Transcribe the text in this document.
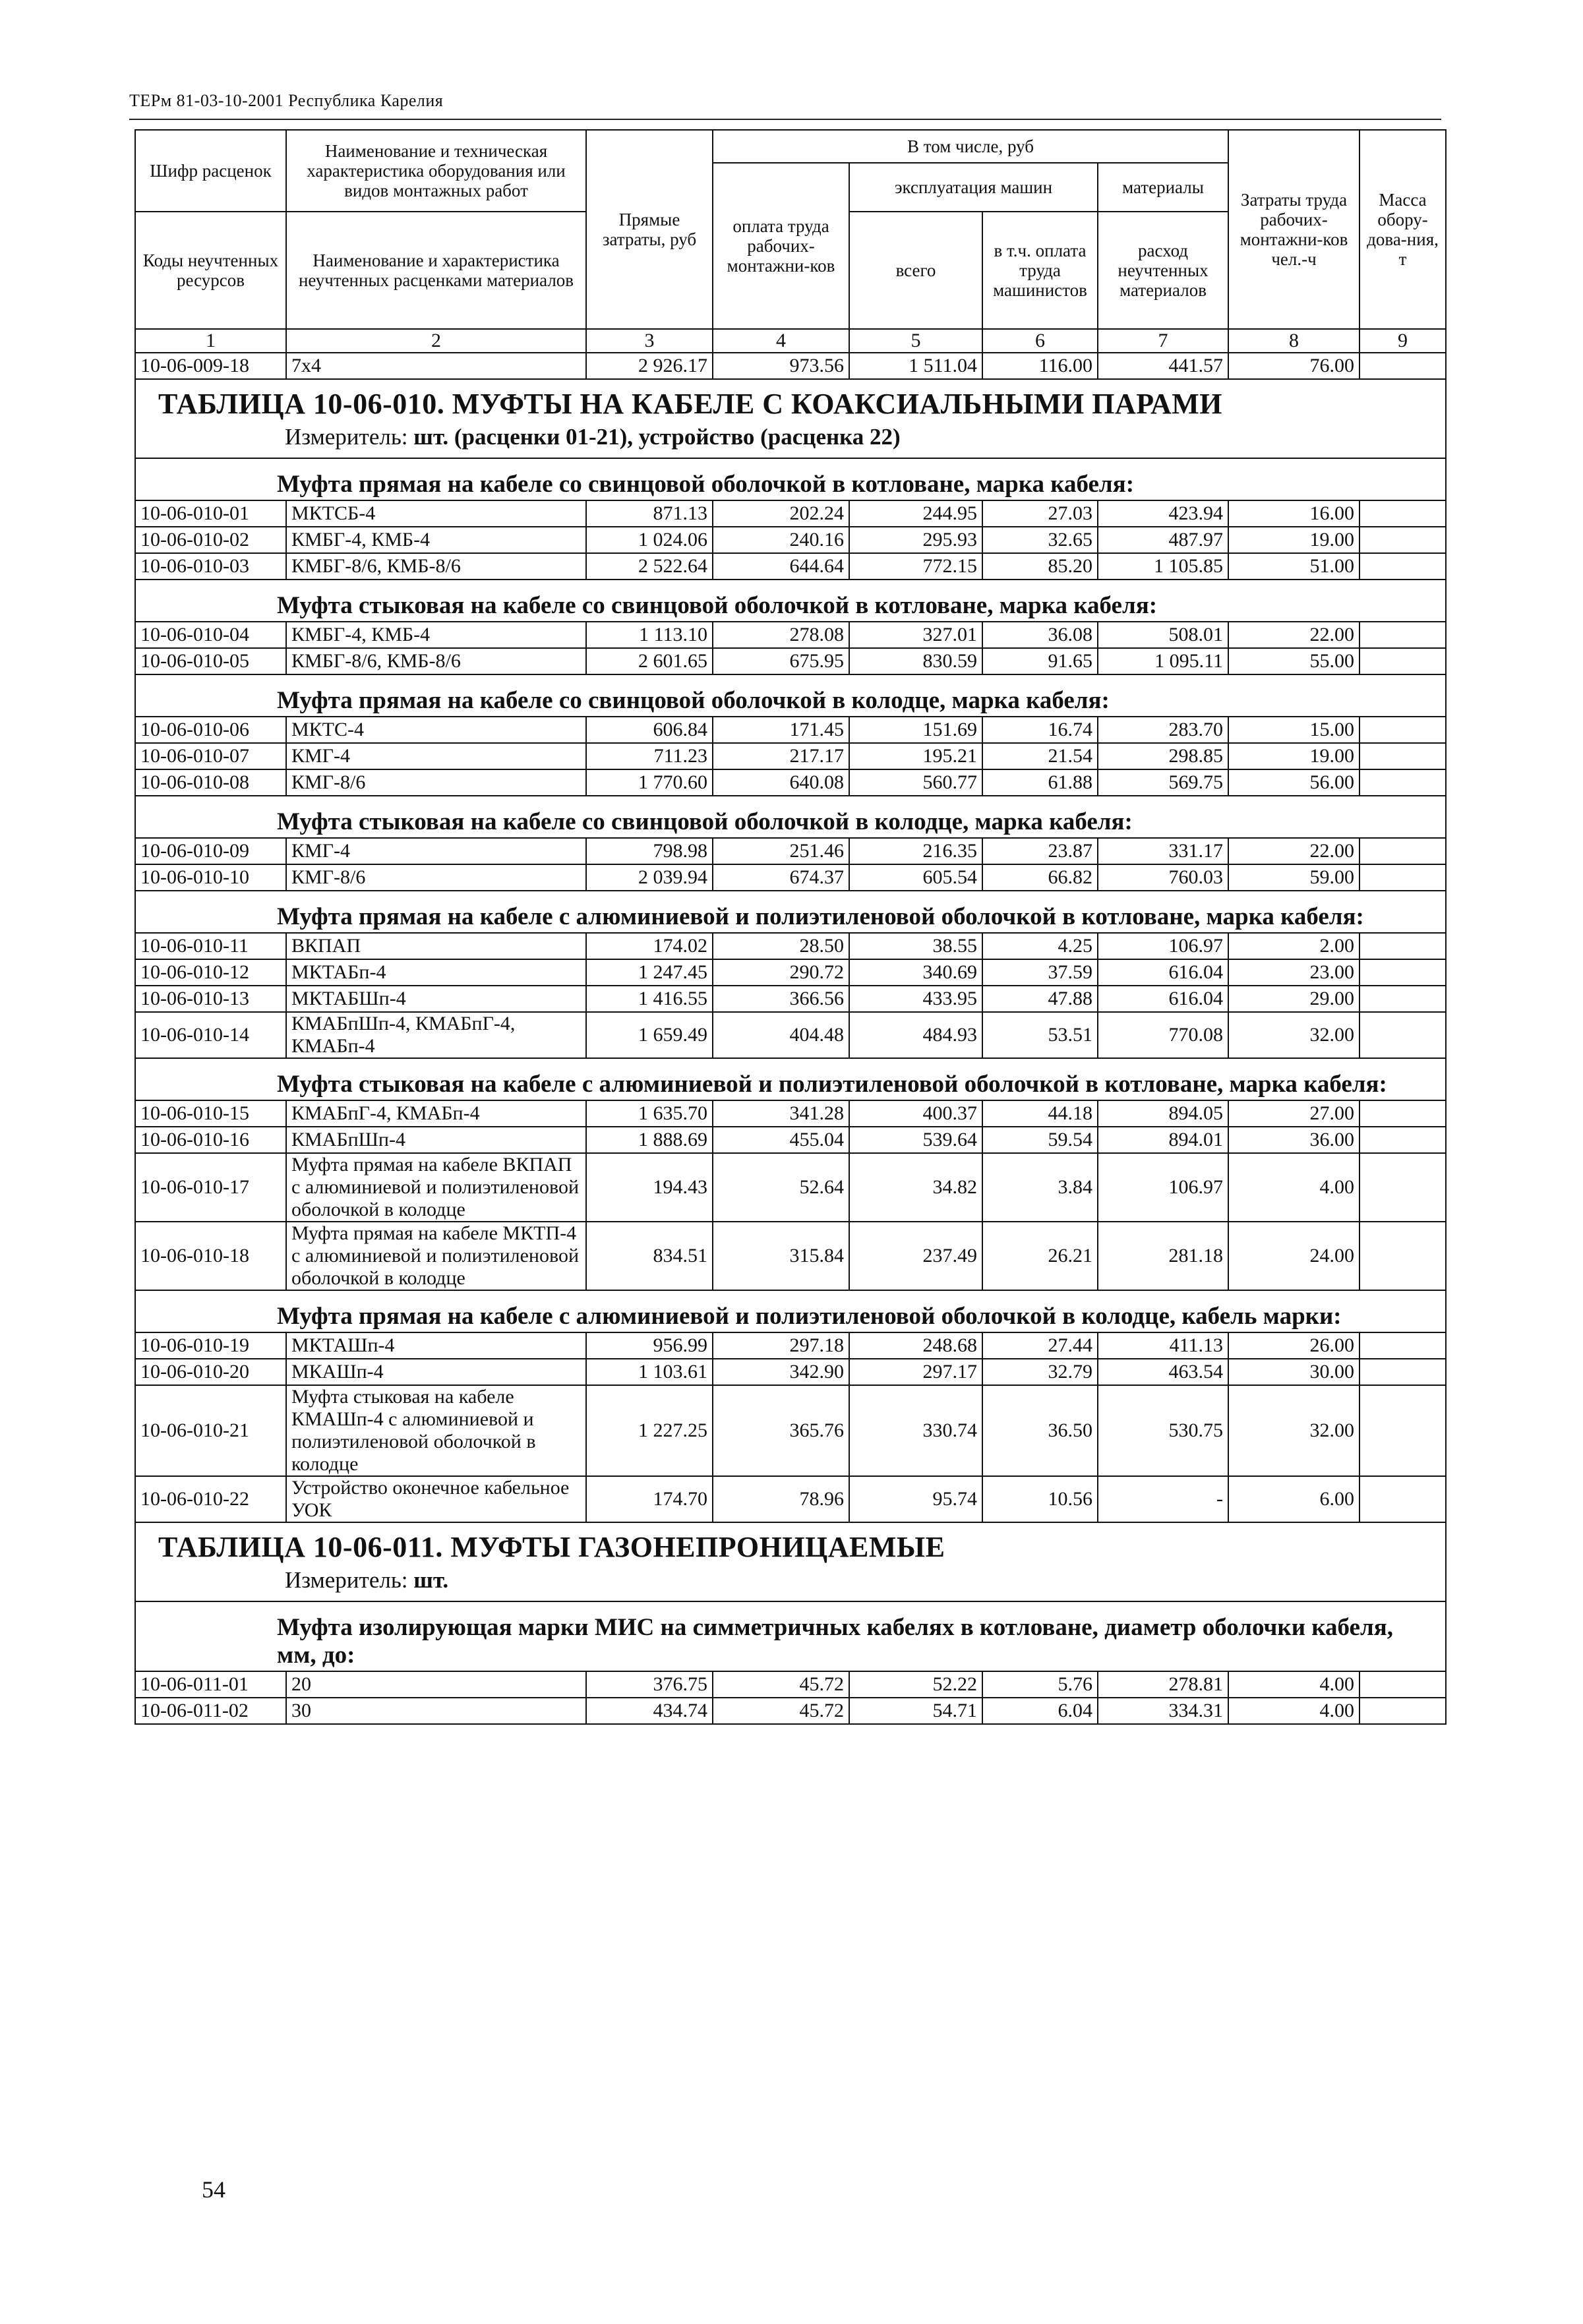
ТЕРм 81-03-10-2001 Республика Карелия
Шифр расценок	Наименование и техническая характеристика оборудования или видов монтажных работ	Прямые затраты, руб	В том числе, руб				Затраты труда рабочих-монтажни-ков чел.-ч	Масса обору-дова-ния, т
			оплата труда рабочих-монтажни-ков	эксплуатация машин		материалы		
Коды неучтенных ресурсов	Наименование и характеристика неучтенных расценками материалов			всего	в т.ч. оплата труда машинистов	расход неучтенных материалов		

1	2	3	4	5	6	7	8	9
10-06-009-18	7х4	2 926.17	973.56	1 511.04	116.00	441.57	76.00	

ТАБЛИЦА 10-06-010. МУФТЫ НА КАБЕЛЕ С КОАКСИАЛЬНЫМИ ПАРАМИ
Измеритель: шт. (расценки 01-21), устройство (расценка 22)								

Муфта прямая на кабеле со свинцовой оболочкой в котловане, марка кабеля:								
10-06-010-01	МКТСБ-4	871.13	202.24	244.95	27.03	423.94	16.00	
10-06-010-02	КМБГ-4, КМБ-4	1 024.06	240.16	295.93	32.65	487.97	19.00	
10-06-010-03	КМБГ-8/6, КМБ-8/6	2 522.64	644.64	772.15	85.20	1 105.85	51.00	
Муфта стыковая на кабеле со свинцовой оболочкой в котловане, марка кабеля:								
10-06-010-04	КМБГ-4, КМБ-4	1 113.10	278.08	327.01	36.08	508.01	22.00	
10-06-010-05	КМБГ-8/6, КМБ-8/6	2 601.65	675.95	830.59	91.65	1 095.11	55.00	
Муфта прямая на кабеле со свинцовой оболочкой в колодце, марка кабеля:								
10-06-010-06	МКТС-4	606.84	171.45	151.69	16.74	283.70	15.00	
10-06-010-07	КМГ-4	711.23	217.17	195.21	21.54	298.85	19.00	
10-06-010-08	КМГ-8/6	1 770.60	640.08	560.77	61.88	569.75	56.00	
Муфта стыковая на кабеле со свинцовой оболочкой в колодце, марка кабеля:								
10-06-010-09	КМГ-4	798.98	251.46	216.35	23.87	331.17	22.00	
10-06-010-10	КМГ-8/6	2 039.94	674.37	605.54	66.82	760.03	59.00	
Муфта прямая на кабеле с алюминиевой и полиэтиленовой оболочкой в котловане, марка кабеля:								
10-06-010-11	ВКПАП	174.02	28.50	38.55	4.25	106.97	2.00	
10-06-010-12	МКТАБп-4	1 247.45	290.72	340.69	37.59	616.04	23.00	
10-06-010-13	МКТАБШп-4	1 416.55	366.56	433.95	47.88	616.04	29.00	
10-06-010-14	КМАБпШп-4, КМАБпГ-4, КМАБп-4	1 659.49	404.48	484.93	53.51	770.08	32.00	
Муфта стыковая на кабеле с алюминиевой и полиэтиленовой оболочкой в котловане, марка кабеля:								
10-06-010-15	КМАБпГ-4, КМАБп-4	1 635.70	341.28	400.37	44.18	894.05	27.00	
10-06-010-16	КМАБпШп-4	1 888.69	455.04	539.64	59.54	894.01	36.00	
10-06-010-17	Муфта прямая на кабеле ВКПАП с алюминиевой и полиэтиленовой оболочкой в колодце	194.43	52.64	34.82	3.84	106.97	4.00	
10-06-010-18	Муфта прямая на кабеле МКТП-4 с алюминиевой и полиэтиленовой оболочкой в колодце	834.51	315.84	237.49	26.21	281.18	24.00	
Муфта прямая на кабеле с алюминиевой и полиэтиленовой оболочкой в колодце, кабель марки:								
10-06-010-19	МКТАШп-4	956.99	297.18	248.68	27.44	411.13	26.00	
10-06-010-20	МКАШп-4	1 103.61	342.90	297.17	32.79	463.54	30.00	
10-06-010-21	Муфта стыковая на кабеле КМАШп-4 с алюминиевой и полиэтиленовой оболочкой в колодце	1 227.25	365.76	330.74	36.50	530.75	32.00	
10-06-010-22	Устройство оконечное кабельное УОК	174.70	78.96	95.74	10.56	-	6.00	

ТАБЛИЦА 10-06-011. МУФТЫ ГАЗОНЕПРОНИЦАЕМЫЕ
Измеритель: шт.								

Муфта изолирующая марки МИС на симметричных кабелях в котловане, диаметр оболочки кабеля, мм, до:								
10-06-011-01	20	376.75	45.72	52.22	5.76	278.81	4.00	
10-06-011-02	30	434.74	45.72	54.71	6.04	334.31	4.00	
54
